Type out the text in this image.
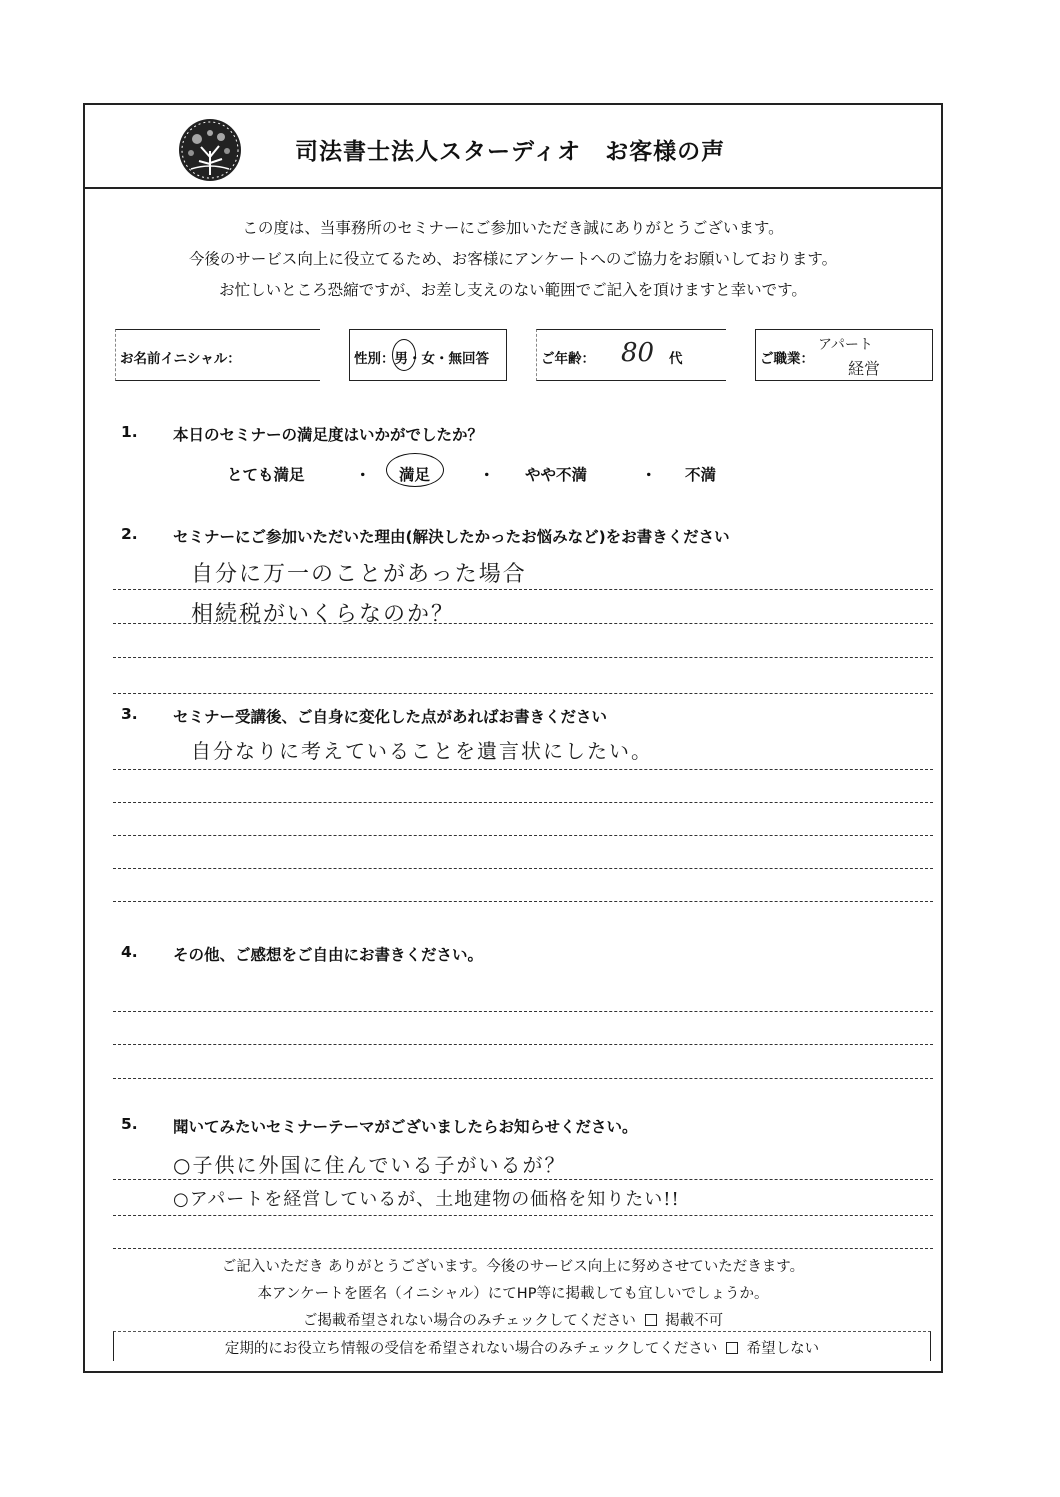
司法書士法人スターディオ　お客様の声
この度は、当事務所のセミナーにご参加いただき誠にありがとうございます。
今後のサービス向上に役立てるため、お客様にアンケートへのご協力をお願いしております。
お忙しいところ恐縮ですが、お差し支えのない範囲でご記入を頂けますと幸いです。
お名前イニシャル：	性別：男・女・無回答	ご年齢： 80 代	ご職業：
アパート
経営
1. 本日のセミナーの満足度はいかがでしたか？
とても満足	・ 満足	・ やや不満	・ 不満
2. セミナーにご参加いただいた理由(解決したかったお悩みなど)をお書きください
自分に万一のことがあった場合
相続税がいくらなのか？
3. セミナー受講後、ご自身に変化した点があればお書きください
自分なりに考えていることを遺言状にしたい。
4. その他、ご感想をご自由にお書きください。
5. 聞いてみたいセミナーテーマがございましたらお知らせください。
○子供に外国に住んでいる子がいるが？
○アパートを経営しているが、土地建物の価格を知りたい!!
ご記入いただき ありがとうございます。今後のサービス向上に努めさせていただきます。
本アンケートを匿名（イニシャル）にてHP等に掲載しても宜しいでしょうか。
ご掲載希望されない場合のみチェックしてください 掲載不可
定期的にお役立ち情報の受信を希望されない場合のみチェックしてください 希望しない
